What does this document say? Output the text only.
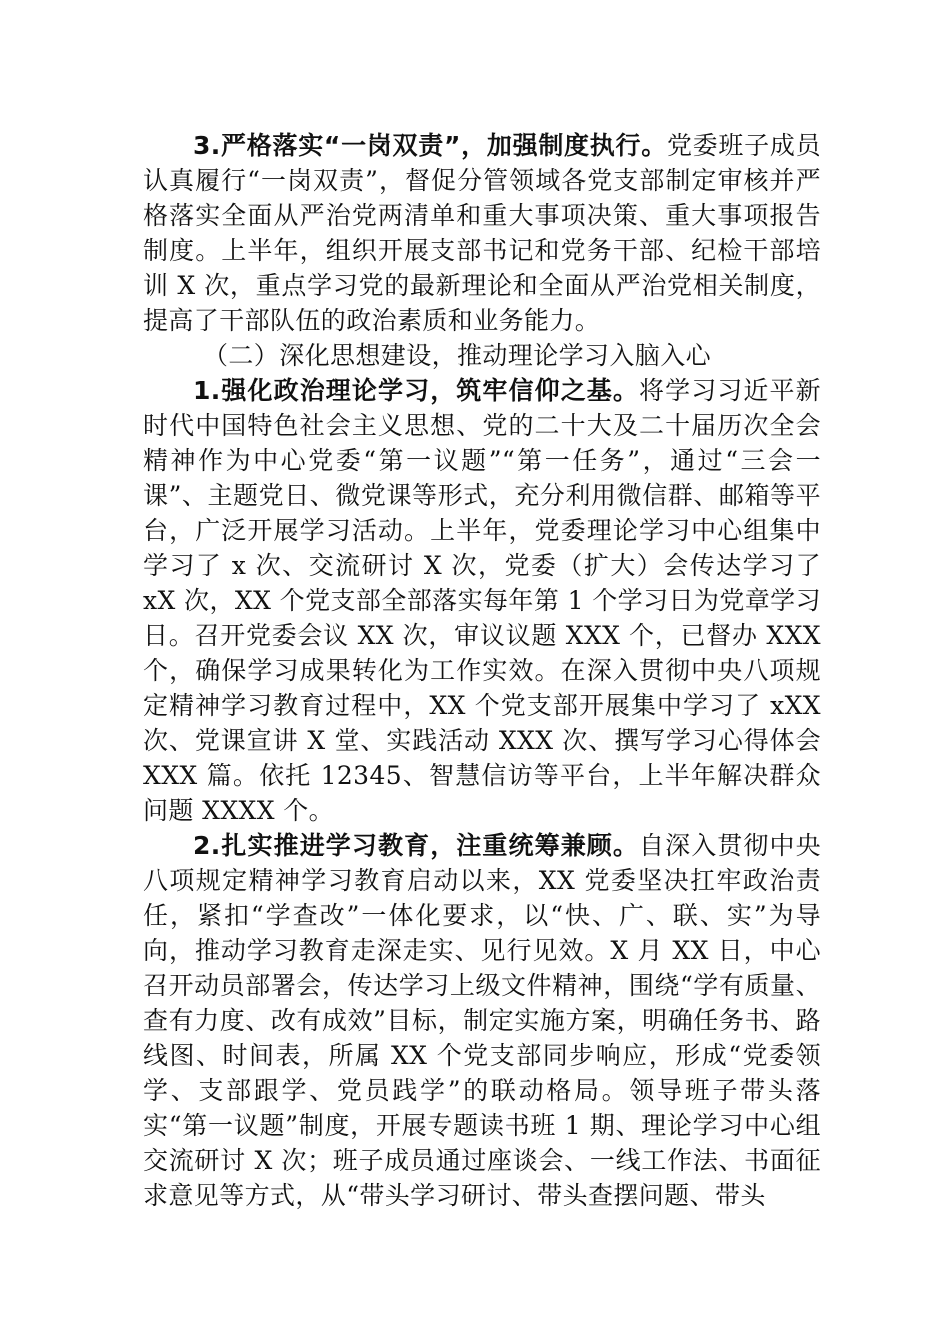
3.严格落实“一岗双责”，加强制度执行。党委班子成员认真履行“一岗双责”，督促分管领域各党支部制定审核并严格落实全面从严治党两清单和重大事项决策、重大事项报告制度。上半年，组织开展支部书记和党务干部、纪检干部培训 X 次，重点学习党的最新理论和全面从严治党相关制度，提高了干部队伍的政治素质和业务能力。

（二）深化思想建设，推动理论学习入脑入心

1.强化政治理论学习，筑牢信仰之基。将学习习近平新时代中国特色社会主义思想、党的二十大及二十届历次全会精神作为中心党委“第一议题”“第一任务”，通过“三会一课”、主题党日、微党课等形式，充分利用微信群、邮箱等平台，广泛开展学习活动。上半年，党委理论学习中心组集中学习了 x 次、交流研讨 X 次，党委（扩大）会传达学习了 xX 次，XX 个党支部全部落实每年第 1 个学习日为党章学习日。召开党委会议 XX 次，审议议题 XXX 个，已督办 XXX 个，确保学习成果转化为工作实效。在深入贯彻中央八项规定精神学习教育过程中，XX 个党支部开展集中学习了 xXX 次、党课宣讲 X 堂、实践活动 XXX 次、撰写学习心得体会 XXX 篇。依托 12345、智慧信访等平台，上半年解决群众问题 XXXX 个。

2.扎实推进学习教育，注重统筹兼顾。自深入贯彻中央八项规定精神学习教育启动以来，XX 党委坚决扛牢政治责任，紧扣“学查改”一体化要求，以“快、广、联、实”为导向，推动学习教育走深走实、见行见效。X 月 XX 日，中心召开动员部署会，传达学习上级文件精神，围绕“学有质量、查有力度、改有成效”目标，制定实施方案，明确任务书、路线图、时间表，所属 XX 个党支部同步响应，形成“党委领学、支部跟学、党员践学”的联动格局。领导班子带头落实“第一议题”制度，开展专题读书班 1 期、理论学习中心组交流研讨 X 次；班子成员通过座谈会、一线工作法、书面征求意见等方式，从“带头学习研讨、带头查摆问题、带头
